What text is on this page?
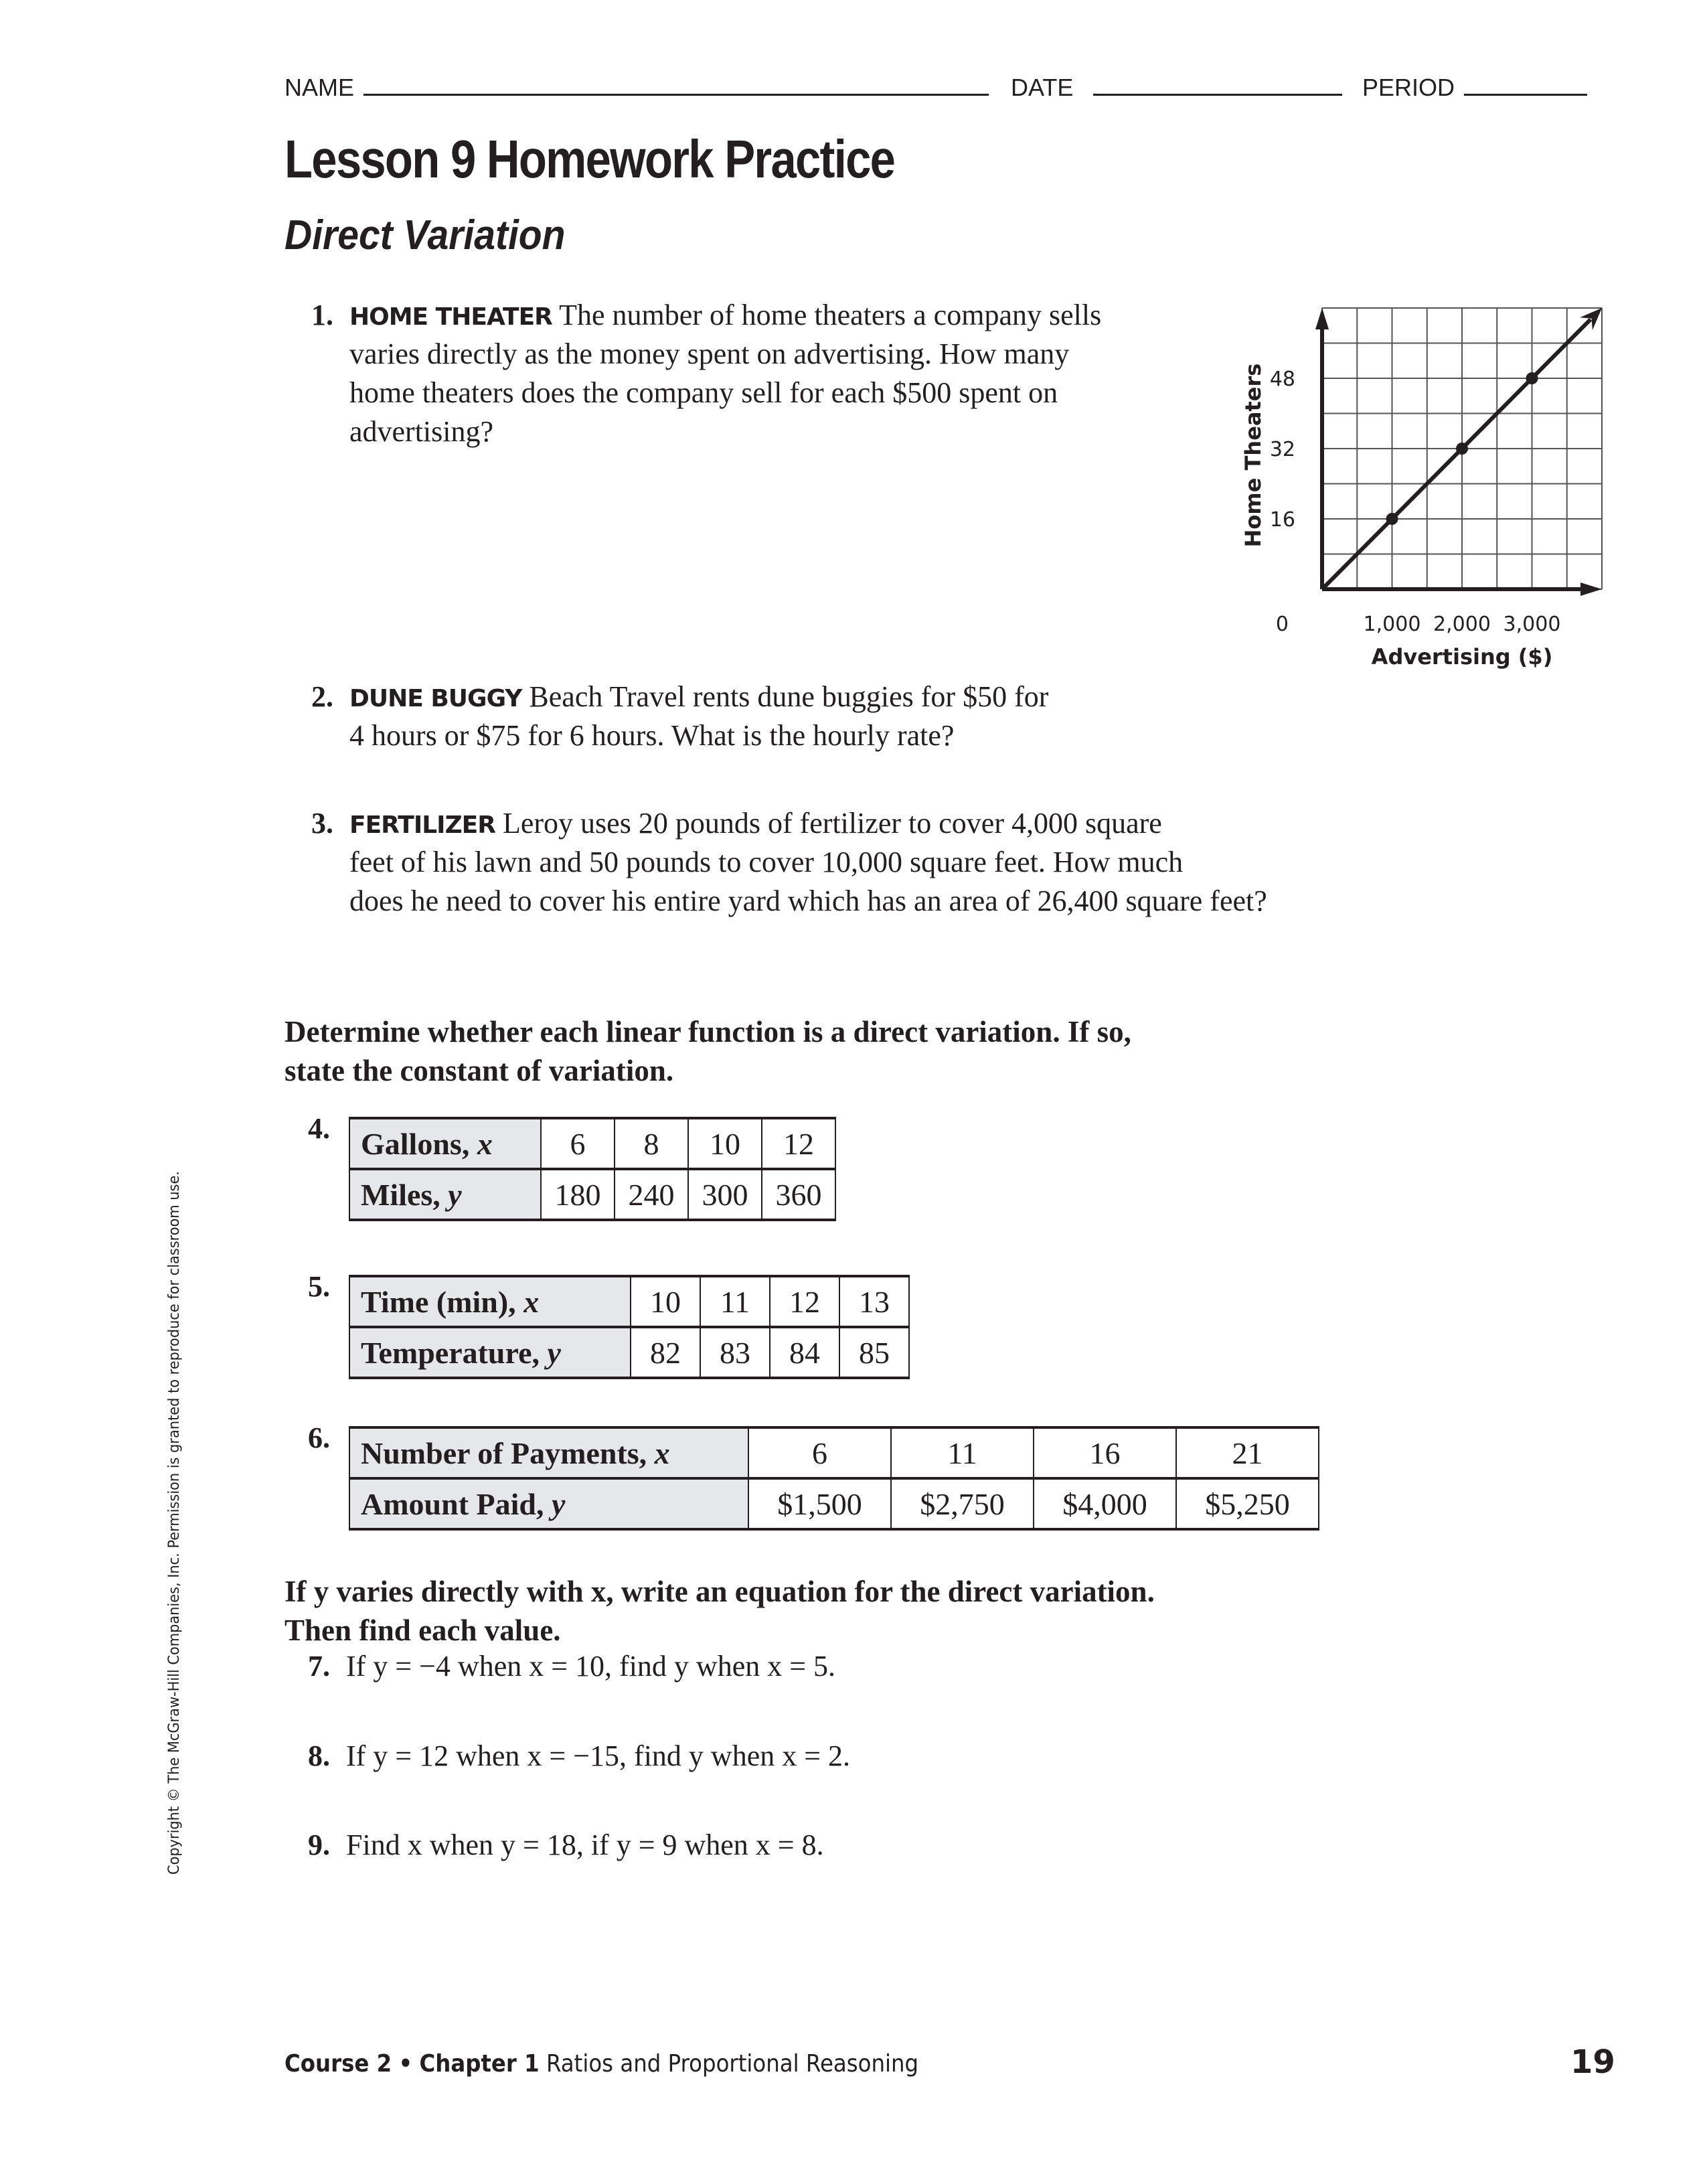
NAME	DATE	PERIOD
Lesson 9 Homework Practice
Direct Variation
1. HOME THEATER The number of home theaters a company sells
varies directly as the money spent on advertising. How many
home theaters does the company sell for each $500 spent on
advertising?
16
32
48
1,000 2,000 3,000
0
Advertising ($)
Home Theaters
2. DUNE BUGGY Beach Travel rents dune buggies for $50 for
4 hours or $75 for 6 hours. What is the hourly rate?
3. FERTILIZER Leroy uses 20 pounds of fertilizer to cover 4,000 square
feet of his lawn and 50 pounds to cover 10,000 square feet. How much
does he need to cover his entire yard which has an area of 26,400 square feet?
Determine whether each linear function is a direct variation. If so,
state the constant of variation.
4. Gallons, x	6	8	10	12
Miles, y	180	240	300	360
5. Time (min), x	10	11	12	13
Temperature, y	82	83	84	85
6. Number of Payments, x	6	11	16	21
Amount Paid, y	$1,500	$2,750	$4,000	$5,250
If y varies directly with x, write an equation for the direct variation.
Then find each value.
7. If y = −4 when x = 10, find y when x = 5.
8. If y = 12 when x = −15, find y when x = 2.
9. Find x when y = 18, if y = 9 when x = 8.
Copyright © The McGraw-Hill Companies, Inc. Permission is granted to reproduce for classroom use.
Course 2 • Chapter 1 Ratios and Proportional Reasoning	19
